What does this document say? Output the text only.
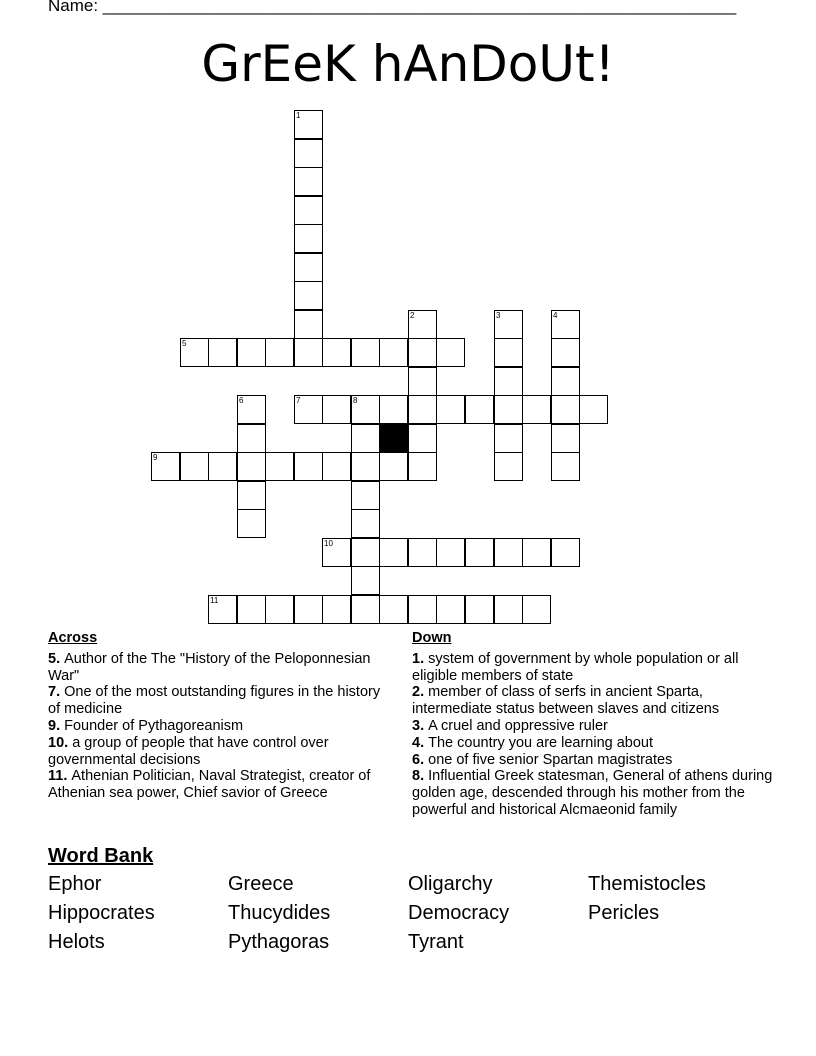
Name: ___________________________________________________________________
GrEeK hAnDoUt!
1
2	3	4
5
6	7	8
9
10
11
Across
5. Author of the The "History of the Peloponnesian War"
7. One of the most outstanding figures in the history of medicine
9. Founder of Pythagoreanism
10. a group of people that have control over governmental decisions
11. Athenian Politician, Naval Strategist, creator of Athenian sea power, Chief savior of Greece
Down
1. system of government by whole population or all eligible members of state
2. member of class of serfs in ancient Sparta, intermediate status between slaves and citizens
3. A cruel and oppressive ruler
4. The country you are learning about
6. one of five senior Spartan magistrates
8. Influential Greek statesman, General of athens during golden age, descended through his mother from the powerful and historical Alcmaeonid family
Word Bank
Ephor	Greece	Oligarchy	Themistocles
Hippocrates	Thucydides	Democracy	Pericles
Helots	Pythagoras	Tyrant
